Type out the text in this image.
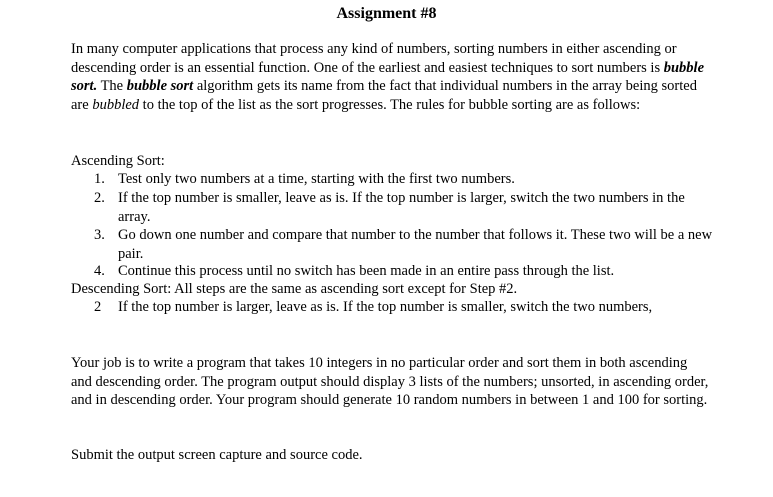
Assignment #8

In many computer applications that process any kind of numbers, sorting numbers in either ascending or descending order is an essential function. One of the earliest and easiest techniques to sort numbers is bubble sort. The bubble sort algorithm gets its name from the fact that individual numbers in the array being sorted are bubbled to the top of the list as the sort progresses. The rules for bubble sorting are as follows:

Ascending Sort:
1. Test only two numbers at a time, starting with the first two numbers.
2. If the top number is smaller, leave as is. If the top number is larger, switch the two numbers in the array.
3. Go down one number and compare that number to the number that follows it. These two will be a new pair.
4. Continue this process until no switch has been made in an entire pass through the list.
Descending Sort: All steps are the same as ascending sort except for Step #2.
2	If the top number is larger, leave as is. If the top number is smaller, switch the two numbers,

Your job is to write a program that takes 10 integers in no particular order and sort them in both ascending and descending order. The program output should display 3 lists of the numbers; unsorted, in ascending order, and in descending order. Your program should generate 10 random numbers in between 1 and 100 for sorting.

Submit the output screen capture and source code.
